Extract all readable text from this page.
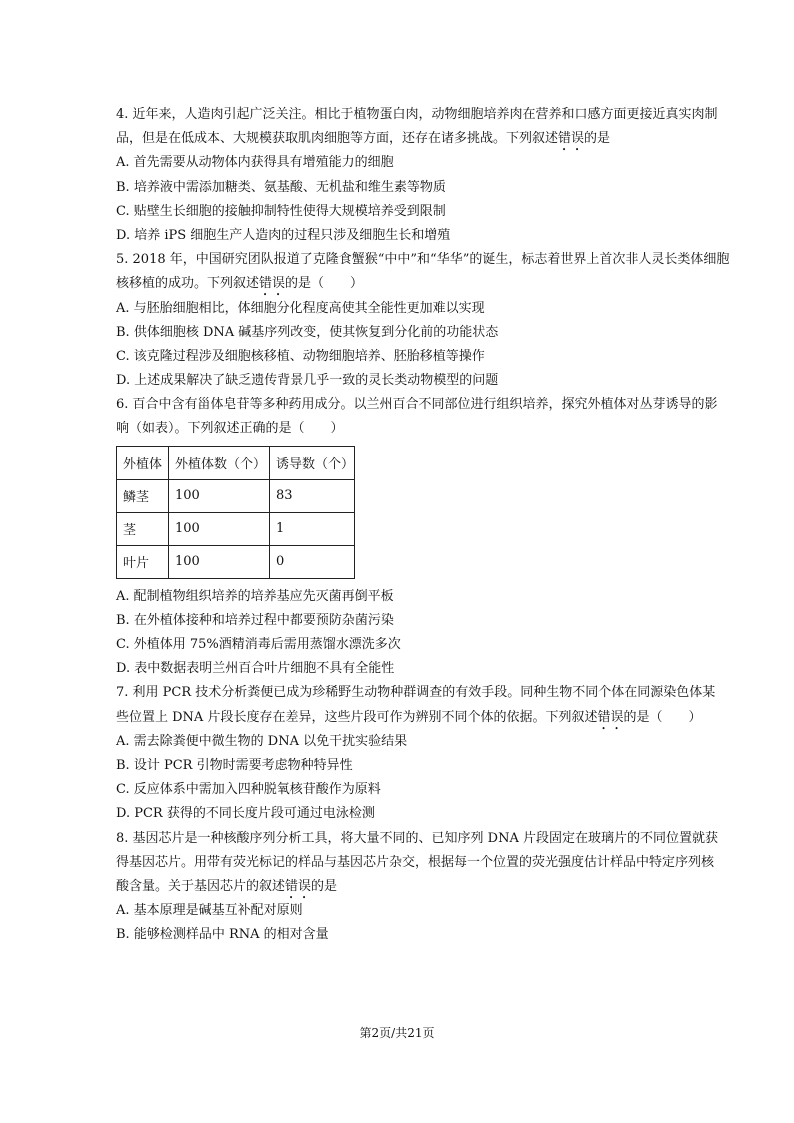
4. 近年来，人造肉引起广泛关注。相比于植物蛋白肉，动物细胞培养肉在营养和口感方面更接近真实肉制
品，但是在低成本、大规模获取肌肉细胞等方面，还存在诸多挑战。下列叙述错误的是
A. 首先需要从动物体内获得具有增殖能力的细胞
B. 培养液中需添加糖类、氨基酸、无机盐和维生素等物质
C. 贴壁生长细胞的接触抑制特性使得大规模培养受到限制
D. 培养 iPS 细胞生产人造肉的过程只涉及细胞生长和增殖
5. 2018 年，中国研究团队报道了克隆食蟹猴“中中”和“华华”的诞生，标志着世界上首次非人灵长类体细胞
核移植的成功。下列叙述错误的是（　　）
A. 与胚胎细胞相比，体细胞分化程度高使其全能性更加难以实现
B. 供体细胞核 DNA 碱基序列改变，使其恢复到分化前的功能状态
C. 该克隆过程涉及细胞核移植、动物细胞培养、胚胎移植等操作
D. 上述成果解决了缺乏遗传背景几乎一致的灵长类动物模型的问题
6. 百合中含有甾体皂苷等多种药用成分。以兰州百合不同部位进行组织培养，探究外植体对丛芽诱导的影
响（如表）。下列叙述正确的是（　　）
外植体	外植体数（个）	诱导数（个）
鳞茎	100	83
茎	100	1
叶片	100	0
A. 配制植物组织培养的培养基应先灭菌再倒平板
B. 在外植体接种和培养过程中都要预防杂菌污染
C. 外植体用 75%酒精消毒后需用蒸馏水漂洗多次
D. 表中数据表明兰州百合叶片细胞不具有全能性
7. 利用 PCR 技术分析粪便已成为珍稀野生动物种群调查的有效手段。同种生物不同个体在同源染色体某
些位置上 DNA 片段长度存在差异，这些片段可作为辨别不同个体的依据。下列叙述错误的是（　　）
A. 需去除粪便中微生物的 DNA 以免干扰实验结果
B. 设计 PCR 引物时需要考虑物种特异性
C. 反应体系中需加入四种脱氧核苷酸作为原料
D. PCR 获得的不同长度片段可通过电泳检测
8. 基因芯片是一种核酸序列分析工具，将大量不同的、已知序列 DNA 片段固定在玻璃片的不同位置就获
得基因芯片。用带有荧光标记的样品与基因芯片杂交，根据每一个位置的荧光强度估计样品中特定序列核
酸含量。关于基因芯片的叙述错误的是
A. 基本原理是碱基互补配对原则
B. 能够检测样品中 RNA 的相对含量
第2页/共21页
